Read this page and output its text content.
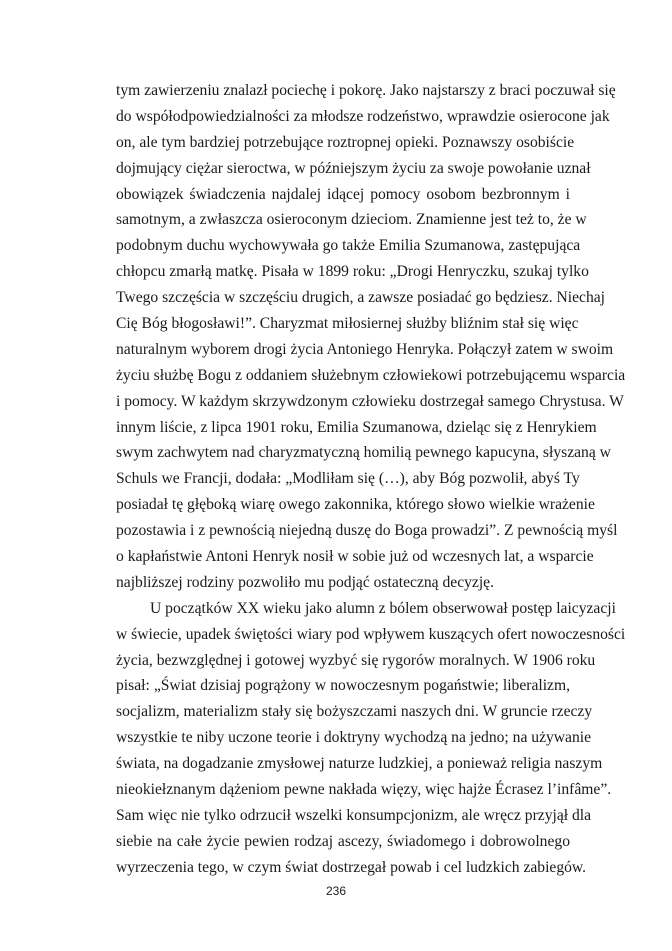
tym zawierzeniu znalazł pociechę i pokorę. Jako najstarszy z braci poczuwał się
do współodpowiedzialności za młodsze rodzeństwo, wprawdzie osierocone jak
on, ale tym bardziej potrzebujące roztropnej opieki. Poznawszy osobiście
dojmujący ciężar sieroctwa, w późniejszym życiu za swoje powołanie uznał
obowiązek świadczenia najdalej idącej pomocy osobom bezbronnym i
samotnym, a zwłaszcza osieroconym dzieciom. Znamienne jest też to, że w
podobnym duchu wychowywała go także Emilia Szumanowa, zastępująca
chłopcu zmarłą matkę. Pisała w 1899 roku: „Drogi Henryczku, szukaj tylko
Twego szczęścia w szczęściu drugich, a zawsze posiadać go będziesz. Niechaj
Cię Bóg błogosławi!”. Charyzmat miłosiernej służby bliźnim stał się więc
naturalnym wyborem drogi życia Antoniego Henryka. Połączył zatem w swoim
życiu służbę Bogu z oddaniem służebnym człowiekowi potrzebującemu wsparcia
i pomocy. W każdym skrzywdzonym człowieku dostrzegał samego Chrystusa. W
innym liście, z lipca 1901 roku, Emilia Szumanowa, dzieląc się z Henrykiem
swym zachwytem nad charyzmatyczną homilią pewnego kapucyna, słyszaną w
Schuls we Francji, dodała: „Modliłam się (…), aby Bóg pozwolił, abyś Ty
posiadał tę głęboką wiarę owego zakonnika, którego słowo wielkie wrażenie
pozostawia i z pewnością niejedną duszę do Boga prowadzi”. Z pewnością myśl
o kapłaństwie Antoni Henryk nosił w sobie już od wczesnych lat, a wsparcie
najbliższej rodziny pozwoliło mu podjąć ostateczną decyzję.
U początków XX wieku jako alumn z bólem obserwował postęp laicyzacji
w świecie, upadek świętości wiary pod wpływem kuszących ofert nowoczesności
życia, bezwzględnej i gotowej wyzbyć się rygorów moralnych. W 1906 roku
pisał: „Świat dzisiaj pogrążony w nowoczesnym pogaństwie; liberalizm,
socjalizm, materializm stały się bożyszczami naszych dni. W gruncie rzeczy
wszystkie te niby uczone teorie i doktryny wychodzą na jedno; na używanie
świata, na dogadzanie zmysłowej naturze ludzkiej, a ponieważ religia naszym
nieokiełznanym dążeniom pewne nakłada więzy, więc hajże Écrasez l’infâme”.
Sam więc nie tylko odrzucił wszelki konsumpcjonizm, ale wręcz przyjął dla
siebie na całe życie pewien rodzaj ascezy, świadomego i dobrowolnego
wyrzeczenia tego, w czym świat dostrzegał powab i cel ludzkich zabiegów.
236
